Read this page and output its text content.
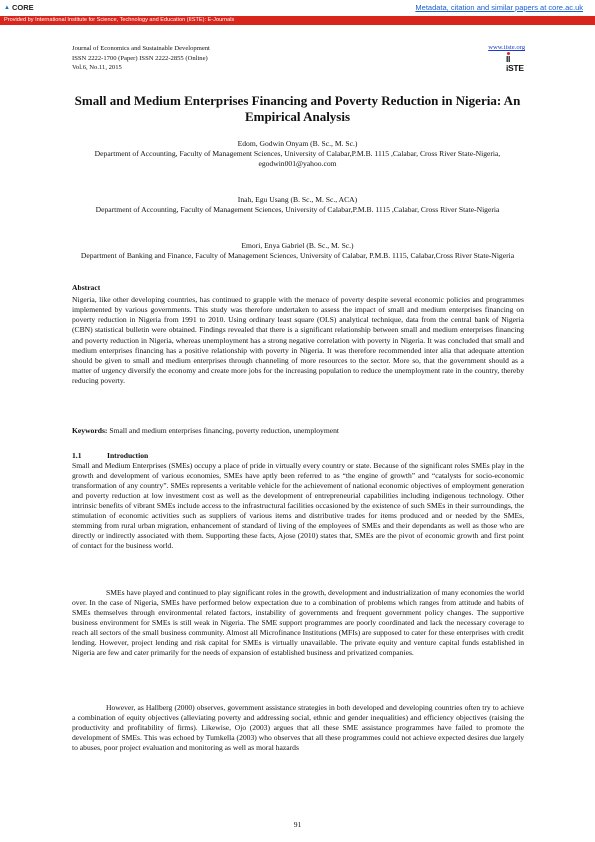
▲ CORE	Metadata, citation and similar papers at core.ac.uk
Provided by International Institute for Science, Technology and Education (IISTE): E-Journals
Journal of Economics and Sustainable Development
ISSN 2222-1700 (Paper) ISSN 2222-2855 (Online)
Vol.6, No.11, 2015
www.iiste.org
II
iSTE
Small and Medium Enterprises Financing and Poverty Reduction in Nigeria: An Empirical Analysis
Edom, Godwin Onyam (B. Sc., M. Sc.)
Department of Accounting, Faculty of Management Sciences, University of Calabar,P.M.B. 1115 ,Calabar, Cross River State-Nigeria,
egodwin001@yahoo.com
Inah, Egu Usang (B. Sc., M. Sc., ACA)
Department of Accounting, Faculty of Management Sciences, University of Calabar,P.M.B. 1115 ,Calabar, Cross River State-Nigeria
Emori, Enya Gabriel (B. Sc., M. Sc.)
Department of Banking and Finance, Faculty of Management Sciences, University of Calabar, P.M.B. 1115, Calabar,Cross River State-Nigeria
Abstract

Nigeria, like other developing countries, has continued to grapple with the menace of poverty despite several economic policies and programmes implemented by various governments. This study was therefore undertaken to assess the impact of small and medium enterprises financing on poverty reduction in Nigeria from 1991 to 2010. Using ordinary least square (OLS) analytical technique, data from the central bank of Nigeria (CBN) statistical bulletin were obtained. Findings revealed that there is a significant relationship between small and medium enterprises financing and poverty reduction in Nigeria, whereas unemployment has a strong negative correlation with poverty in Nigeria. It was concluded that small and medium enterprises financing has a positive relationship with poverty in Nigeria. It was therefore recommended inter alia that adequate attention should be given to small and medium enterprises through channeling of more resources to the sector. More so, that the government should as a matter of urgency diversify the economy and create more jobs for the increasing population to reduce the unemployment rate in the country, thereby reducing poverty.

Keywords: Small and medium enterprises financing, poverty reduction, unemployment
1.1	Introduction

Small and Medium Enterprises (SMEs) occupy a place of pride in virtually every country or state. Because of the significant roles SMEs play in the growth and development of various economies, SMEs have aptly been referred to as “the engine of growth” and “catalysts for socio-economic transformation of any country”. SMEs represents a veritable vehicle for the achievement of national economic objectives of employment generation and poverty reduction at low investment cost as well as the development of entrepreneurial capabilities including indigenous technology. Other intrinsic benefits of vibrant SMEs include access to the infrastructural facilities occasioned by the existence of such SMEs in their surroundings, the stimulation of economic activities such as suppliers of various items and distributive trades for items produced and or needed by the SMEs, stemming from rural urban migration, enhancement of standard of living of the employees of SMEs and their dependants as well as those who are directly or indirectly associated with them. Supporting these facts, Ajose (2010) states that, SMEs are the pivot of economic growth and first point of contact for the business world.

SMEs have played and continued to play significant roles in the growth, development and industrialization of many economies the world over. In the case of Nigeria, SMEs have performed below expectation due to a combination of problems which ranges from attitude and habits of SMEs themselves through environmental related factors, instability of governments and frequent government policy changes. The supportive business environment for SMEs is still weak in Nigeria. The SME support programmes are poorly coordinated and lack the necessary coverage to reach all sectors of the small business community. Almost all Microfinance Institutions (MFIs) are supposed to cater for these enterprises with credit lending. However, project lending and risk capital for SMEs is virtually unavailable. The private equity and venture capital funds established in Nigeria are few and cater primarily for the needs of expansion of established business and privatized companies.

However, as Hallberg (2000) observes, government assistance strategies in both developed and developing countries often try to achieve a combination of equity objectives (alleviating poverty and addressing social, ethnic and gender inequalities) and efficiency objectives (raising the productivity and profitability of firms). Likewise, Ojo (2003) argues that all these SME assistance programmes have failed to promote the development of SMEs. This was echoed by Tumkella (2003) who observes that all these programmes could not achieve expected desires due largely to abuses, poor project evaluation and monitoring as well as moral hazards

91
